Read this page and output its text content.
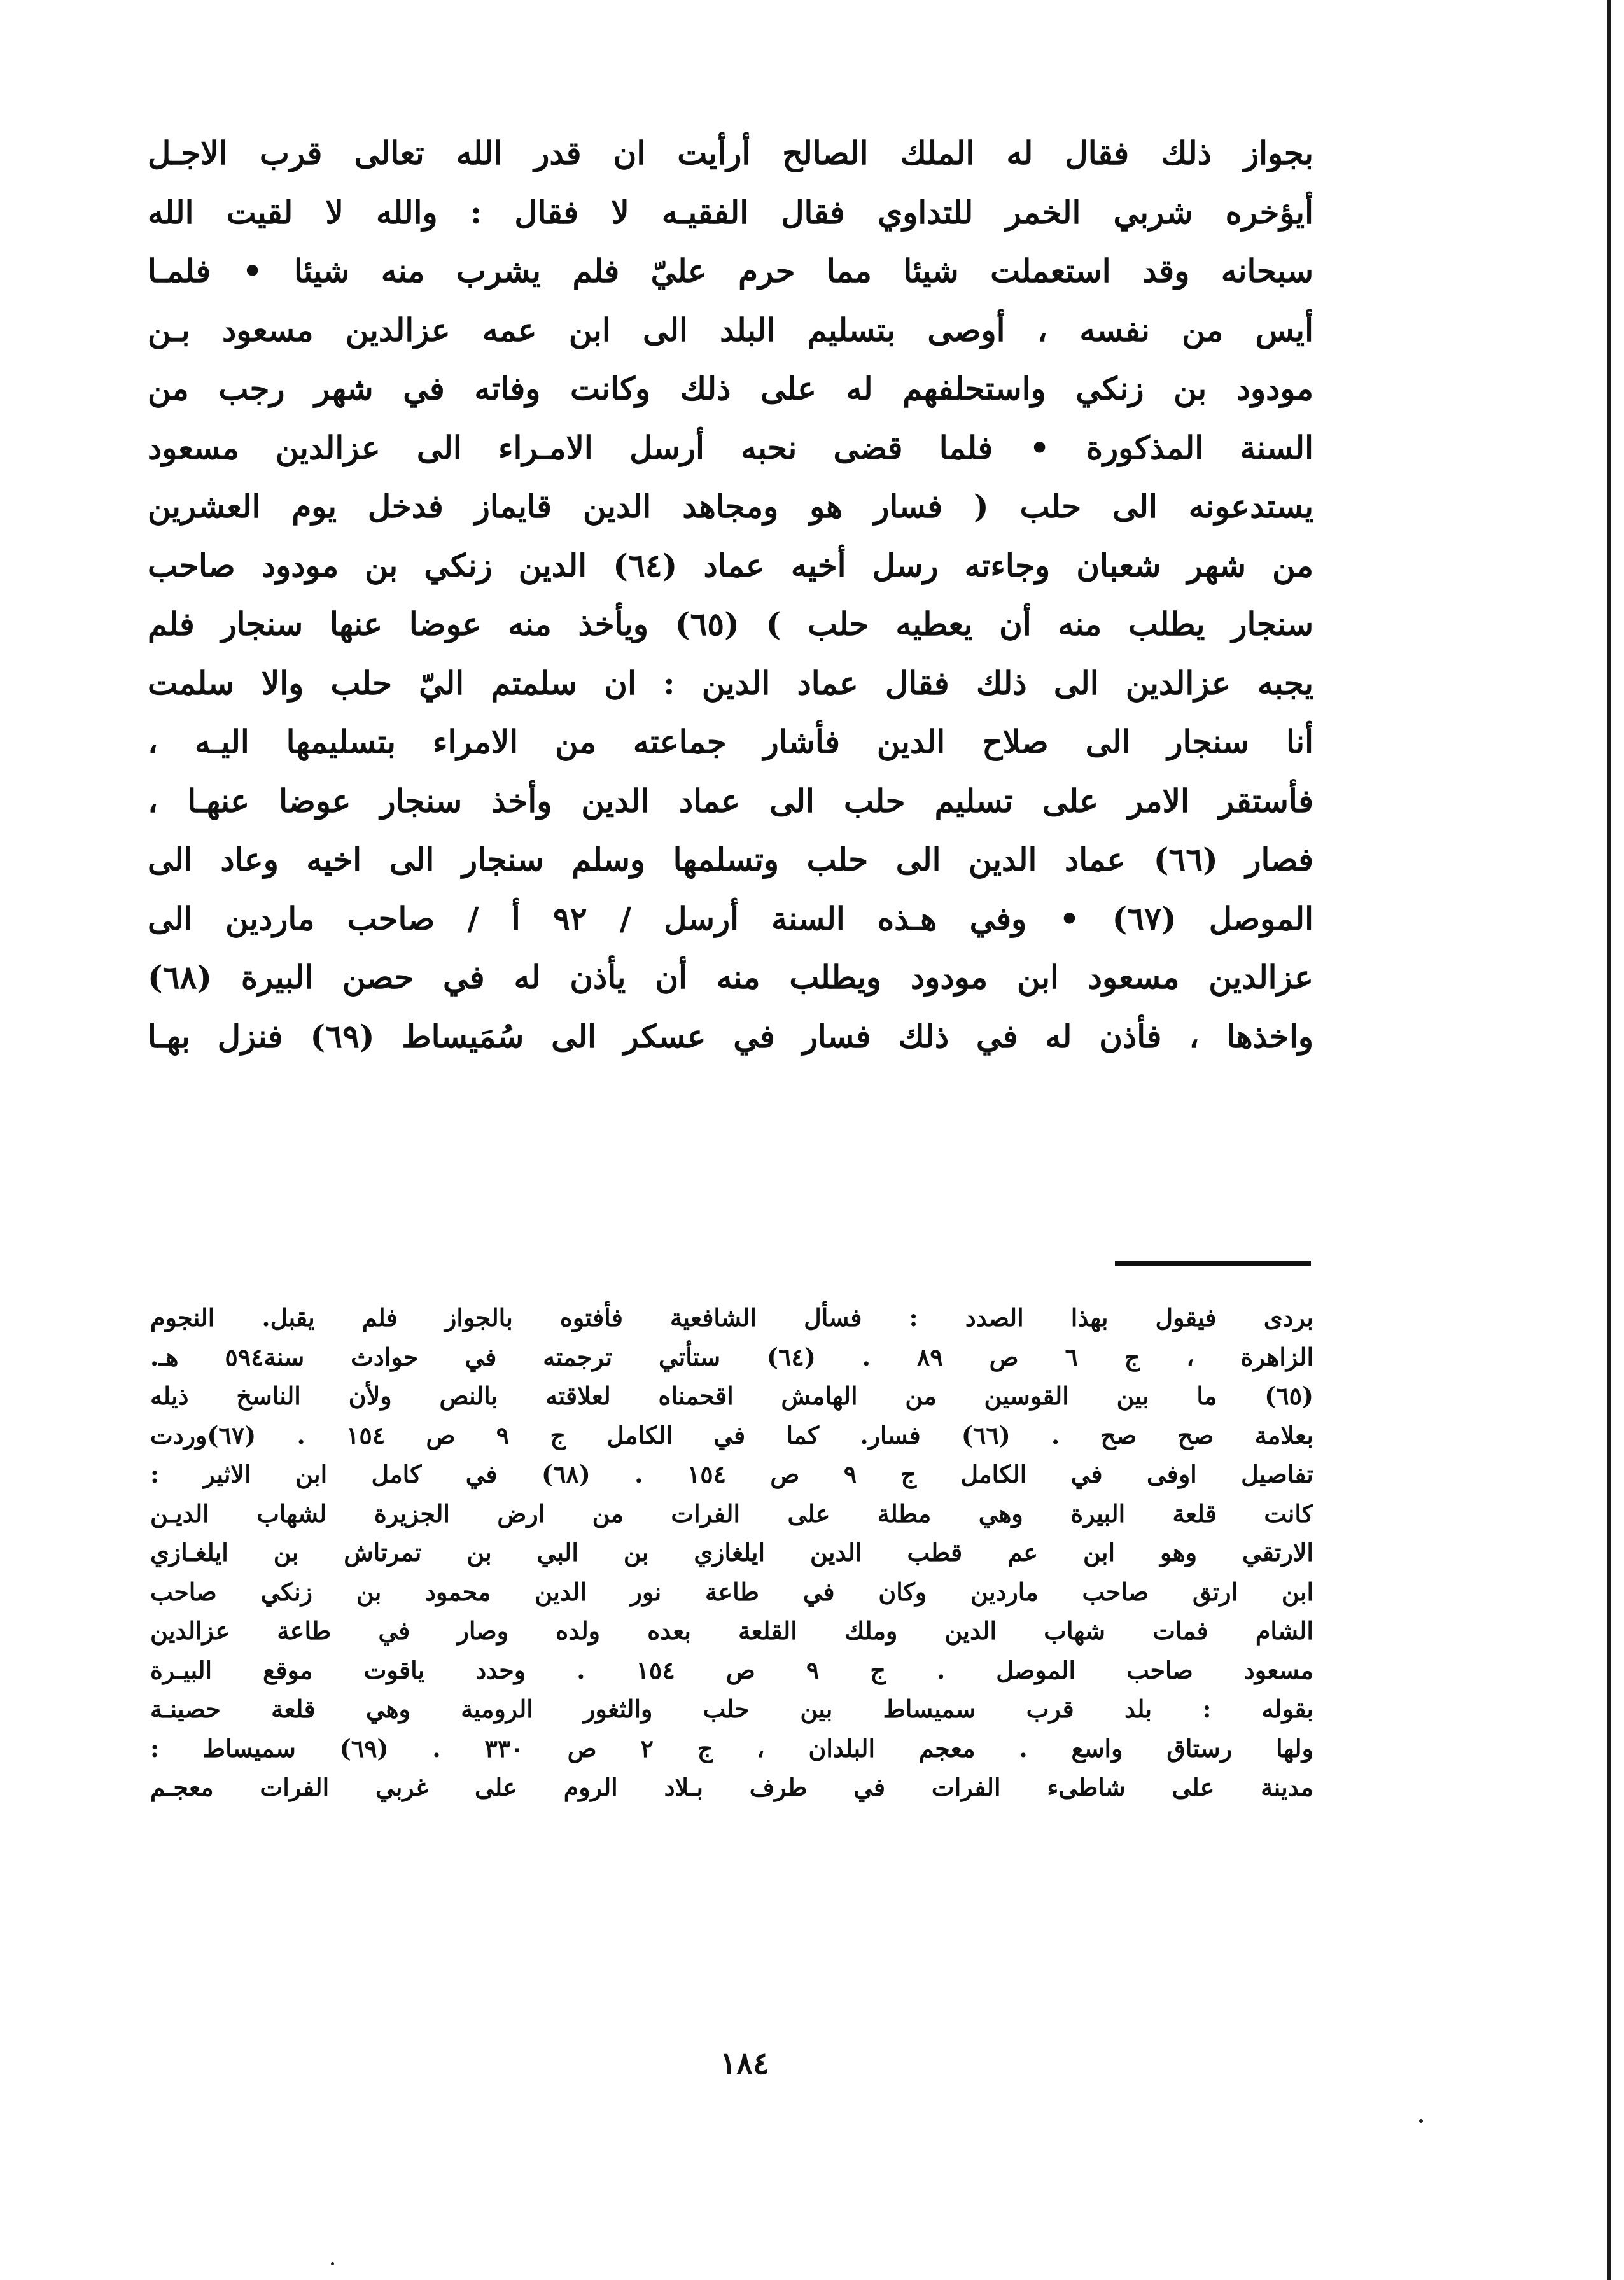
بجواز ذلك فقال له الملك الصالح أرأيت ان قدر الله تعالى قرب الاجـل
أيؤخره شربي الخمر للتداوي فقال الفقيـه لا فقال : والله لا لقيت الله
سبحانه وقد استعملت شيئا مما حرم عليّ فلم يشرب منه شيئا • فلمـا
أيس من نفسه ، أوصى بتسليم البلد الى ابن عمه عزالدين مسعود بـن
مودود بن زنكي واستحلفهم له على ذلك وكانت وفاته في شهر رجب من
السنة المذكورة • فلما قضى نحبه أرسل الامـراء الى عزالدين مسعود
يستدعونه الى حلب ( فسار هو ومجاهد الدين قايماز فدخل يوم العشرين
من شهر شعبان وجاءته رسل أخيه عماد (٦٤) الدين زنكي بن مودود صاحب
سنجار يطلب منه أن يعطيه حلب ) (٦٥) ويأخذ منه عوضا عنها سنجار فلم
يجبه عزالدين الى ذلك فقال عماد الدين : ان سلمتم اليّ حلب والا سلمت
أنا سنجار الى صلاح الدين فأشار جماعته من الامراء بتسليمها اليـه ،
فأستقر الامر على تسليم حلب الى عماد الدين وأخذ سنجار عوضا عنهـا ،
فصار (٦٦) عماد الدين الى حلب وتسلمها وسلم سنجار الى اخيه وعاد الى
الموصل (٦٧) • وفي هـذه السنة أرسل / ٩٢ أ / صاحب ماردين الى
عزالدين مسعود ابن مودود ويطلب منه أن يأذن له في حصن البيرة (٦٨)
واخذها ، فأذن له في ذلك فسار في عسكر الى سُمَيساط (٦٩) فنزل بهـا
بردى فيقول بهذا الصدد : فسأل الشافعية فأفتوه بالجواز فلم يقبل. النجوم
الزاهرة ، ج ٦ ص ٨٩ . (٦٤) ستأتي ترجمته في حوادث سنة٥٩٤ هـ.
(٦٥) ما بين القوسين من الهامش اقحمناه لعلاقته بالنص ولأن الناسخ ذيله
بعلامة صح صح . (٦٦) فسار. كما في الكامل ج ٩ ص ١٥٤ . (٦٧)وردت
تفاصيل اوفى في الكامل ج ٩ ص ١٥٤ . (٦٨) في كامل ابن الاثير :
كانت قلعة البيرة وهي مطلة على الفرات من ارض الجزيرة لشهاب الديـن
الارتقي وهو ابن عم قطب الدين ايلغازي بن البي بن تمرتاش بن ايلغـازي
ابن ارتق صاحب ماردين وكان في طاعة نور الدين محمود بن زنكي صاحب
الشام فمات شهاب الدين وملك القلعة بعده ولده وصار في طاعة عزالدين
مسعود صاحب الموصل . ج ٩ ص ١٥٤ . وحدد ياقوت موقع البيـرة
بقوله : بلد قرب سميساط بين حلب والثغور الرومية وهي قلعة حصينـة
ولها رستاق واسع . معجم البلدان ، ج ٢ ص ٣٣٠ . (٦٩) سميساط :
مدينة على شاطىء الفرات في طرف بـلاد الروم على غربي الفرات معجـم
١٨٤
